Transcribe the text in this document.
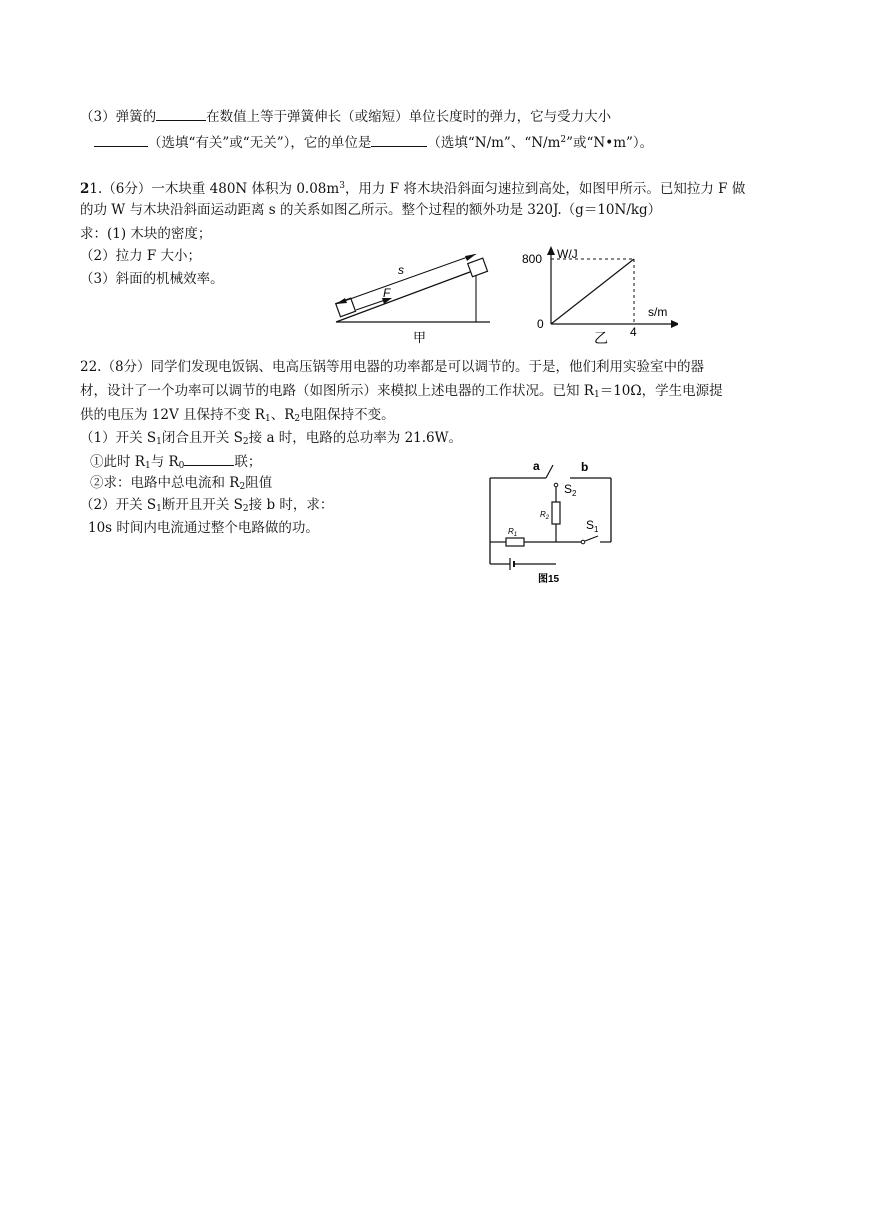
（3）弹簧的	在数值上等于弹簧伸长（或缩短）单位长度时的弹力，它与受力大小
（选填“有关”或“无关”），它的单位是	（选填“N/m”、“$N/m^2$”或“N•m”）。
21.（6分）一木块重 480N 体积为 $0.08m^3$，用力 F 将木块沿斜面匀速拉到高处，如图甲所示。已知拉力 F 做
的功 W 与木块沿斜面运动距离 s 的关系如图乙所示。整个过程的额外功是 320J.（g＝10N/kg）
求：(1) 木块的密度；
（2）拉力 F 大小；
（3）斜面的机械效率。
s
F
甲
W/J
s/m
800
0
4
乙
22.（8分）同学们发现电饭锅、电高压锅等用电器的功率都是可以调节的。于是，他们利用实验室中的器
材，设计了一个功率可以调节的电路（如图所示）来模拟上述电器的工作状况。已知 $R_1=10\Omega$，学生电源提
供的电压为 12V 且保持不变 $R_1$、$R_2$电阻保持不变。
（1）开关 $S_1$闭合且开关 $S_2$接 a 时，电路的总功率为 21.6W。
①此时 $R_1$与 $R_0$	联；
②求：电路中总电流和 $R_2$阻值
（2）开关 $S_1$断开且开关 $S_2$接 b 时，求：
10s 时间内电流通过整个电路做的功。
a	b
$S_2$
$R_2$
$R_1$
$S_1$
图15
